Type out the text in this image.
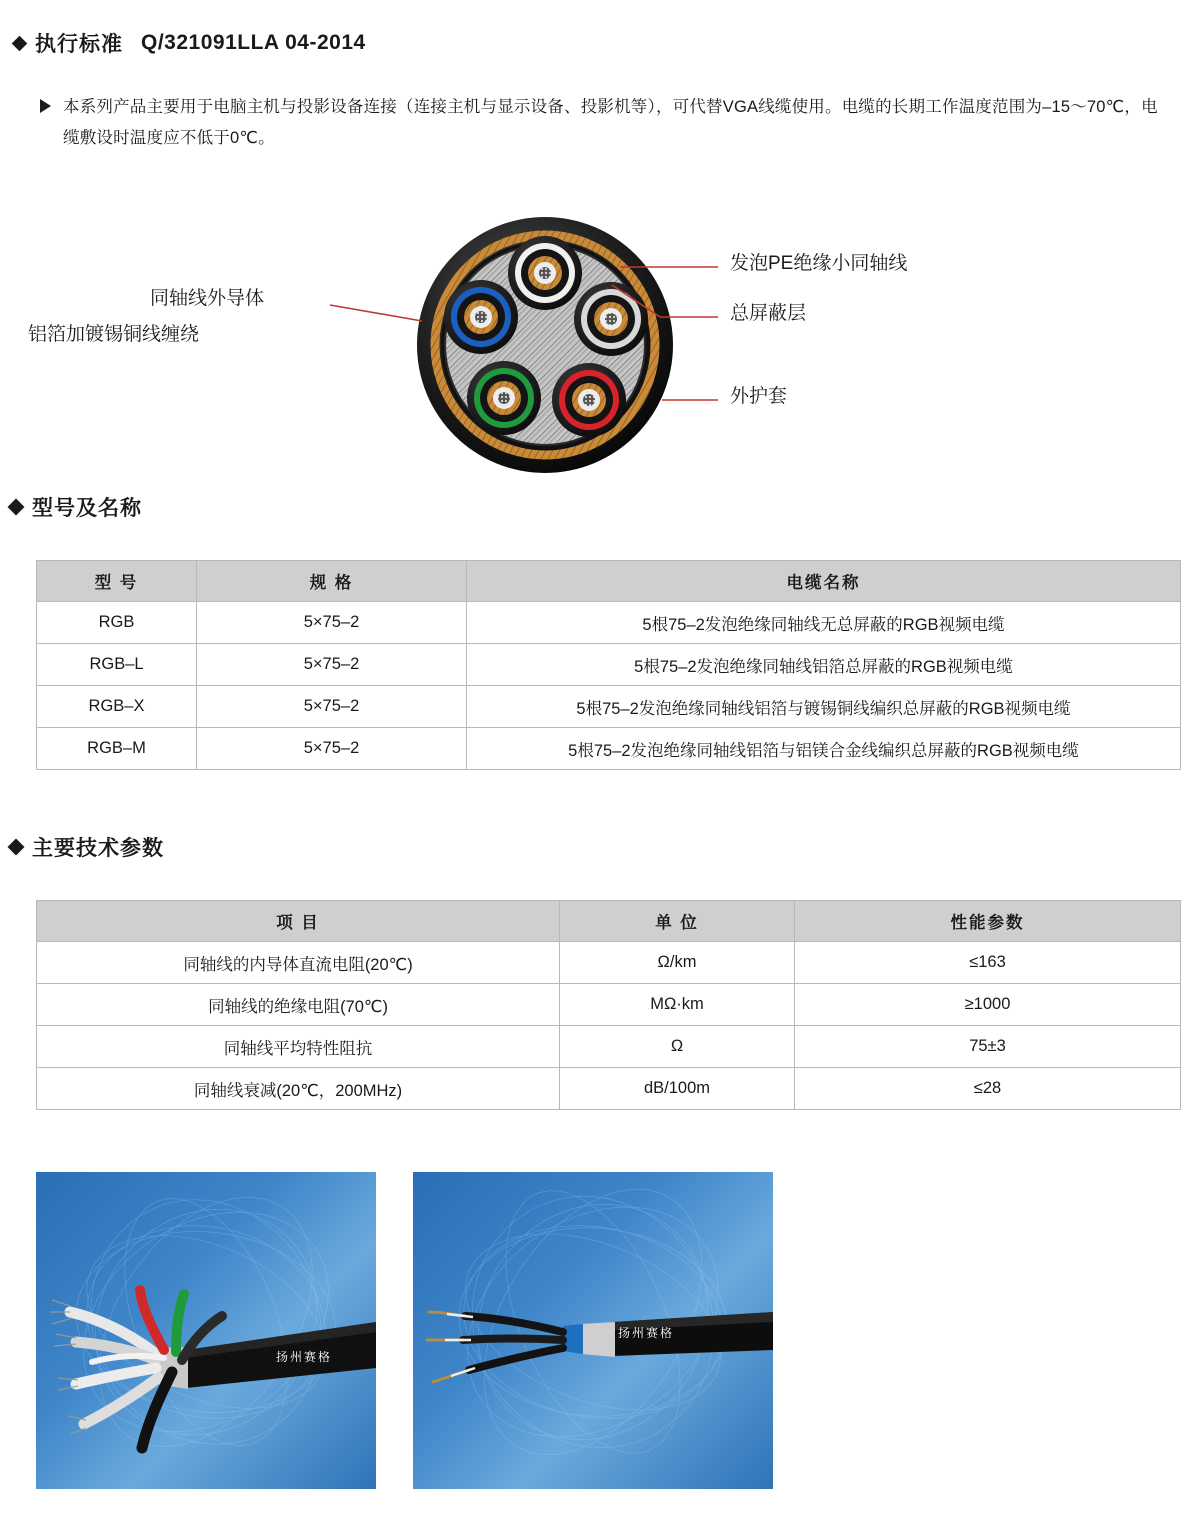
执行标准 Q/321091LLA 04-2014

本系列产品主要用于电脑主机与投影设备连接（连接主机与显示设备、投影机等），可代替VGA线缆使用。电缆的长期工作温度范围为–15～70℃，电缆敷设时温度应不低于0℃。

发泡PE绝缘小同轴线
总屏蔽层
外护套
同轴线外导体
铝箔加镀锡铜线缠绕
型号及名称
型 号	规 格	电缆名称
RGB	5×75–2	5根75–2发泡绝缘同轴线无总屏蔽的RGB视频电缆
RGB–L	5×75–2	5根75–2发泡绝缘同轴线铝箔总屏蔽的RGB视频电缆
RGB–X	5×75–2	5根75–2发泡绝缘同轴线铝箔与镀锡铜线编织总屏蔽的RGB视频电缆
RGB–M	5×75–2	5根75–2发泡绝缘同轴线铝箔与铝镁合金线编织总屏蔽的RGB视频电缆
主要技术参数
项 目	单 位	性能参数
同轴线的内导体直流电阻(20℃)	Ω/km	≤163
同轴线的绝缘电阻(70℃)	MΩ·km	≥1000
同轴线平均特性阻抗	Ω	75±3
同轴线衰减(20℃，200MHz)	dB/100m	≤28
扬州赛格
扬州赛格
